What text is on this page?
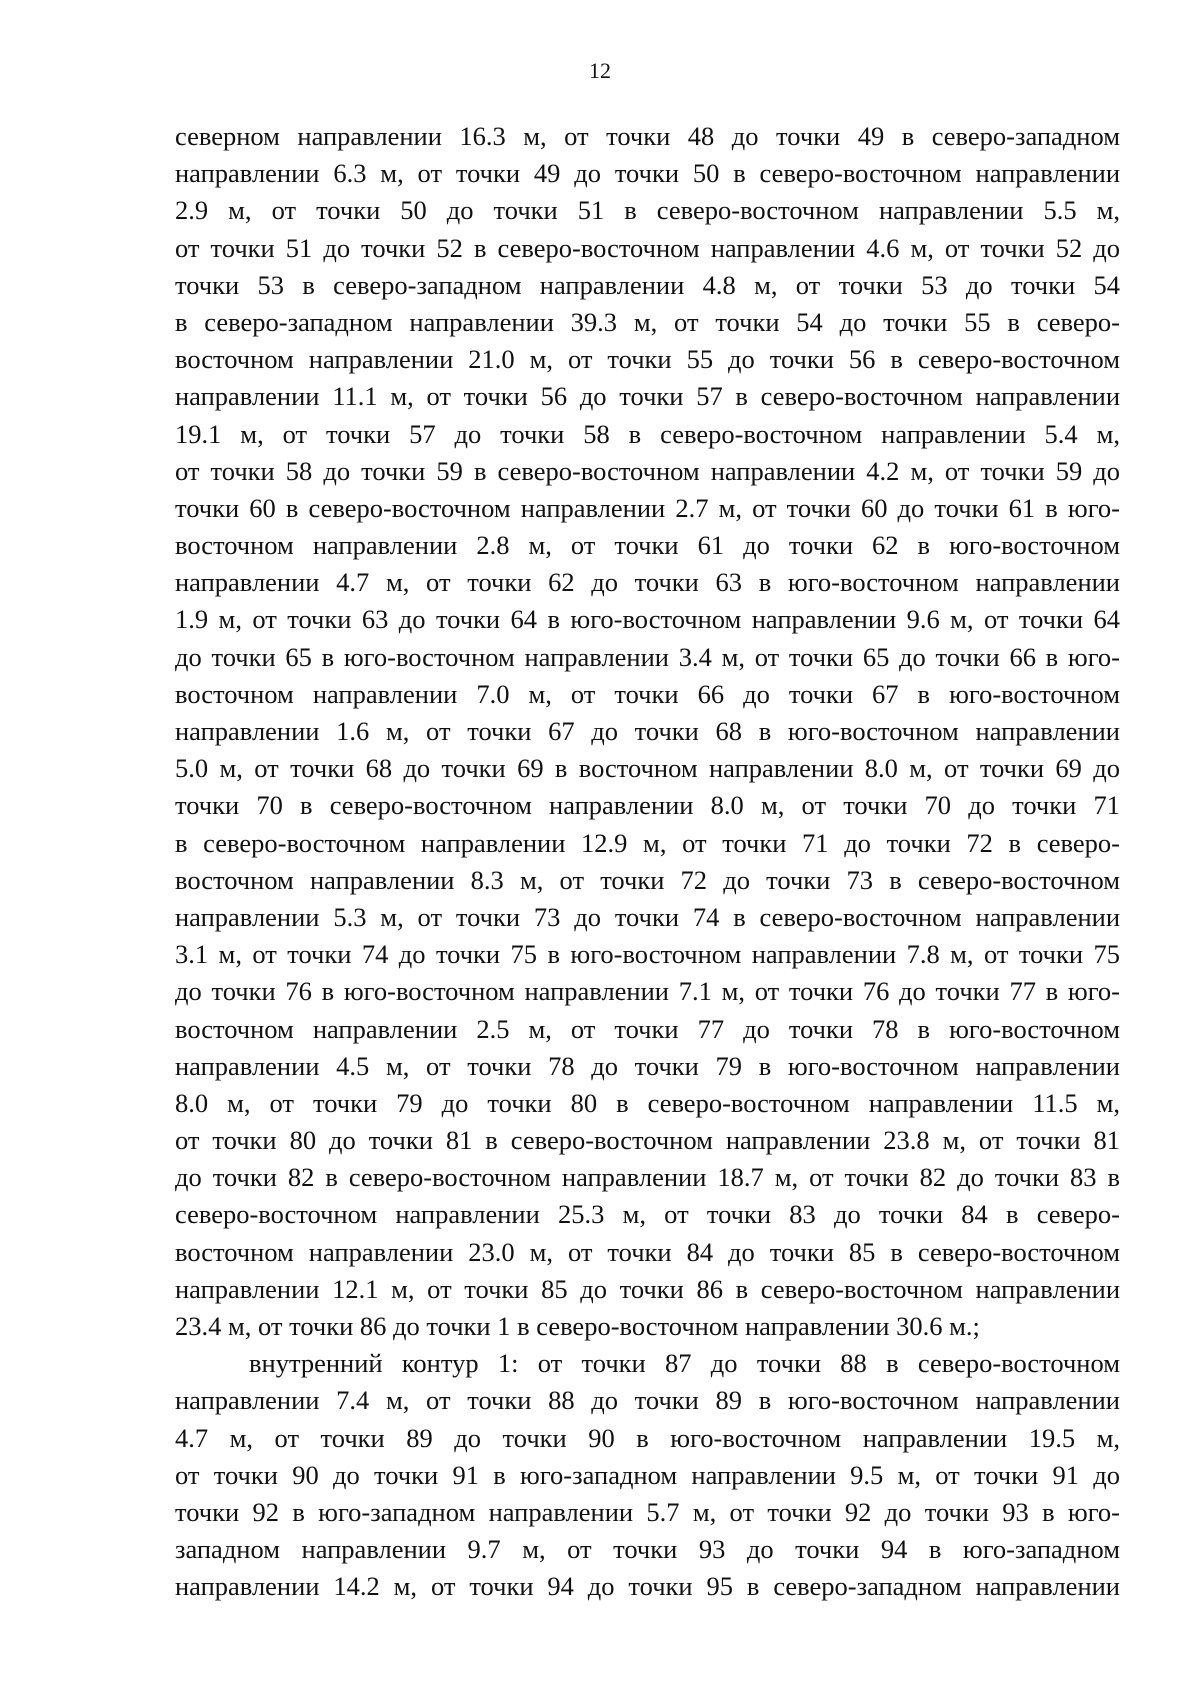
12
северном направлении 16.3 м, от точки 48 до точки 49 в северо-западном
направлении 6.3 м, от точки 49 до точки 50 в северо-восточном направлении
2.9 м, от точки 50 до точки 51 в северо-восточном направлении 5.5 м,
от точки 51 до точки 52 в северо-восточном направлении 4.6 м, от точки 52 до
точки 53 в северо-западном направлении 4.8 м, от точки 53 до точки 54
в северо-западном направлении 39.3 м, от точки 54 до точки 55 в северо-
восточном направлении 21.0 м, от точки 55 до точки 56 в северо-восточном
направлении 11.1 м, от точки 56 до точки 57 в северо-восточном направлении
19.1 м, от точки 57 до точки 58 в северо-восточном направлении 5.4 м,
от точки 58 до точки 59 в северо-восточном направлении 4.2 м, от точки 59 до
точки 60 в северо-восточном направлении 2.7 м, от точки 60 до точки 61 в юго-
восточном направлении 2.8 м, от точки 61 до точки 62 в юго-восточном
направлении 4.7 м, от точки 62 до точки 63 в юго-восточном направлении
1.9 м, от точки 63 до точки 64 в юго-восточном направлении 9.6 м, от точки 64
до точки 65 в юго-восточном направлении 3.4 м, от точки 65 до точки 66 в юго-
восточном направлении 7.0 м, от точки 66 до точки 67 в юго-восточном
направлении 1.6 м, от точки 67 до точки 68 в юго-восточном направлении
5.0 м, от точки 68 до точки 69 в восточном направлении 8.0 м, от точки 69 до
точки 70 в северо-восточном направлении 8.0 м, от точки 70 до точки 71
в северо-восточном направлении 12.9 м, от точки 71 до точки 72 в северо-
восточном направлении 8.3 м, от точки 72 до точки 73 в северо-восточном
направлении 5.3 м, от точки 73 до точки 74 в северо-восточном направлении
3.1 м, от точки 74 до точки 75 в юго-восточном направлении 7.8 м, от точки 75
до точки 76 в юго-восточном направлении 7.1 м, от точки 76 до точки 77 в юго-
восточном направлении 2.5 м, от точки 77 до точки 78 в юго-восточном
направлении 4.5 м, от точки 78 до точки 79 в юго-восточном направлении
8.0 м, от точки 79 до точки 80 в северо-восточном направлении 11.5 м,
от точки 80 до точки 81 в северо-восточном направлении 23.8 м, от точки 81
до точки 82 в северо-восточном направлении 18.7 м, от точки 82 до точки 83 в
северо-восточном направлении 25.3 м, от точки 83 до точки 84 в северо-
восточном направлении 23.0 м, от точки 84 до точки 85 в северо-восточном
направлении 12.1 м, от точки 85 до точки 86 в северо-восточном направлении
23.4 м, от точки 86 до точки 1 в северо-восточном направлении 30.6 м.;
внутренний контур 1: от точки 87 до точки 88 в северо-восточном
направлении 7.4 м, от точки 88 до точки 89 в юго-восточном направлении
4.7 м, от точки 89 до точки 90 в юго-восточном направлении 19.5 м,
от точки 90 до точки 91 в юго-западном направлении 9.5 м, от точки 91 до
точки 92 в юго-западном направлении 5.7 м, от точки 92 до точки 93 в юго-
западном направлении 9.7 м, от точки 93 до точки 94 в юго-западном
направлении 14.2 м, от точки 94 до точки 95 в северо-западном направлении
